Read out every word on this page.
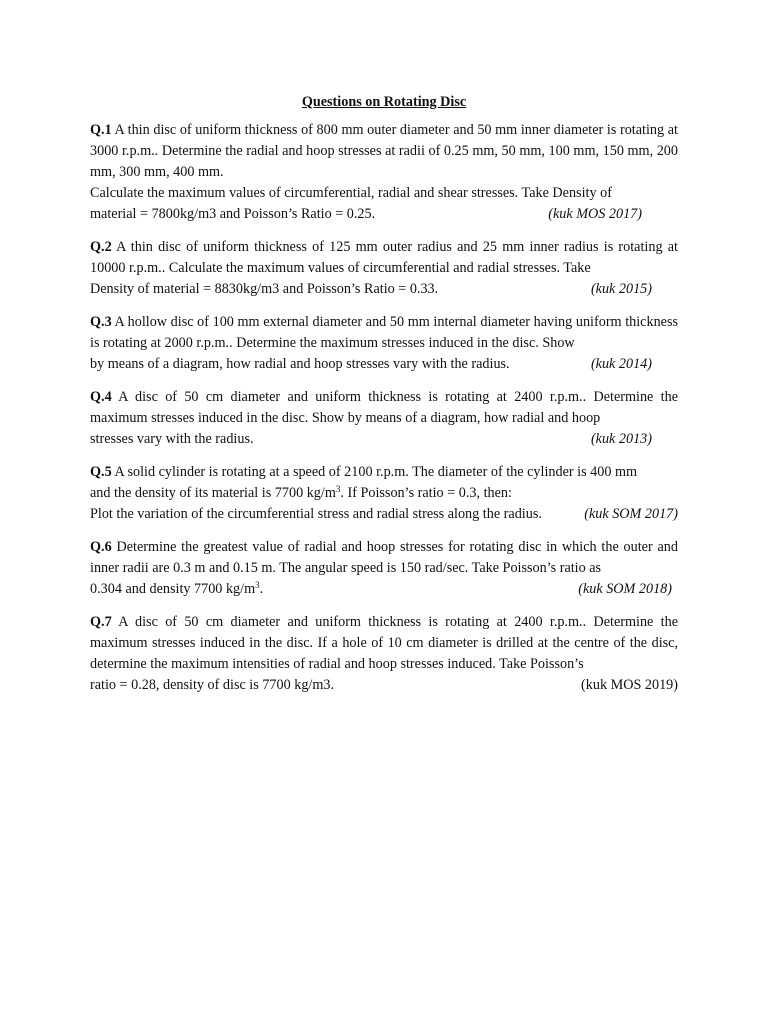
Questions on Rotating Disc

Q.1 A thin disc of uniform thickness of 800 mm outer diameter and 50 mm inner diameter is rotating at 3000 r.p.m.. Determine the radial and hoop stresses at radii of 0.25 mm, 50 mm, 100 mm, 150 mm, 200 mm, 300 mm, 400 mm.

Calculate the maximum values of circumferential, radial and shear stresses. Take Density of

material = 7800kg/m3 and Poisson’s Ratio = 0.25.	(kuk MOS 2017)

Q.2 A thin disc of uniform thickness of 125 mm outer radius and 25 mm inner radius is rotating at 10000 r.p.m.. Calculate the maximum values of circumferential and radial stresses. Take

Density of material = 8830kg/m3 and Poisson’s Ratio = 0.33.	(kuk 2015)

Q.3 A hollow disc of 100 mm external diameter and 50 mm internal diameter having uniform thickness is rotating at 2000 r.p.m.. Determine the maximum stresses induced in the disc. Show

by means of a diagram, how radial and hoop stresses vary with the radius.	(kuk 2014)

Q.4 A disc of 50 cm diameter and uniform thickness is rotating at 2400 r.p.m.. Determine the maximum stresses induced in the disc. Show by means of a diagram, how radial and hoop

stresses vary with the radius.	(kuk 2013)

Q.5 A solid cylinder is rotating at a speed of 2100 r.p.m. The diameter of the cylinder is 400 mm

and the density of its material is 7700 $kg/m^3$. If Poisson’s ratio = 0.3, then:

Plot the variation of the circumferential stress and radial stress along the radius.	(kuk SOM 2017)

Q.6 Determine the greatest value of radial and hoop stresses for rotating disc in which the outer and inner radii are 0.3 m and 0.15 m. The angular speed is 150 rad/sec. Take Poisson’s ratio as

0.304 and density 7700 $kg/m^3$.	(kuk SOM 2018)

Q.7 A disc of 50 cm diameter and uniform thickness is rotating at 2400 r.p.m.. Determine the maximum stresses induced in the disc. If a hole of 10 cm diameter is drilled at the centre of the disc, determine the maximum intensities of radial and hoop stresses induced. Take Poisson’s

ratio = 0.28, density of disc is 7700 kg/m3.	(kuk MOS 2019)
